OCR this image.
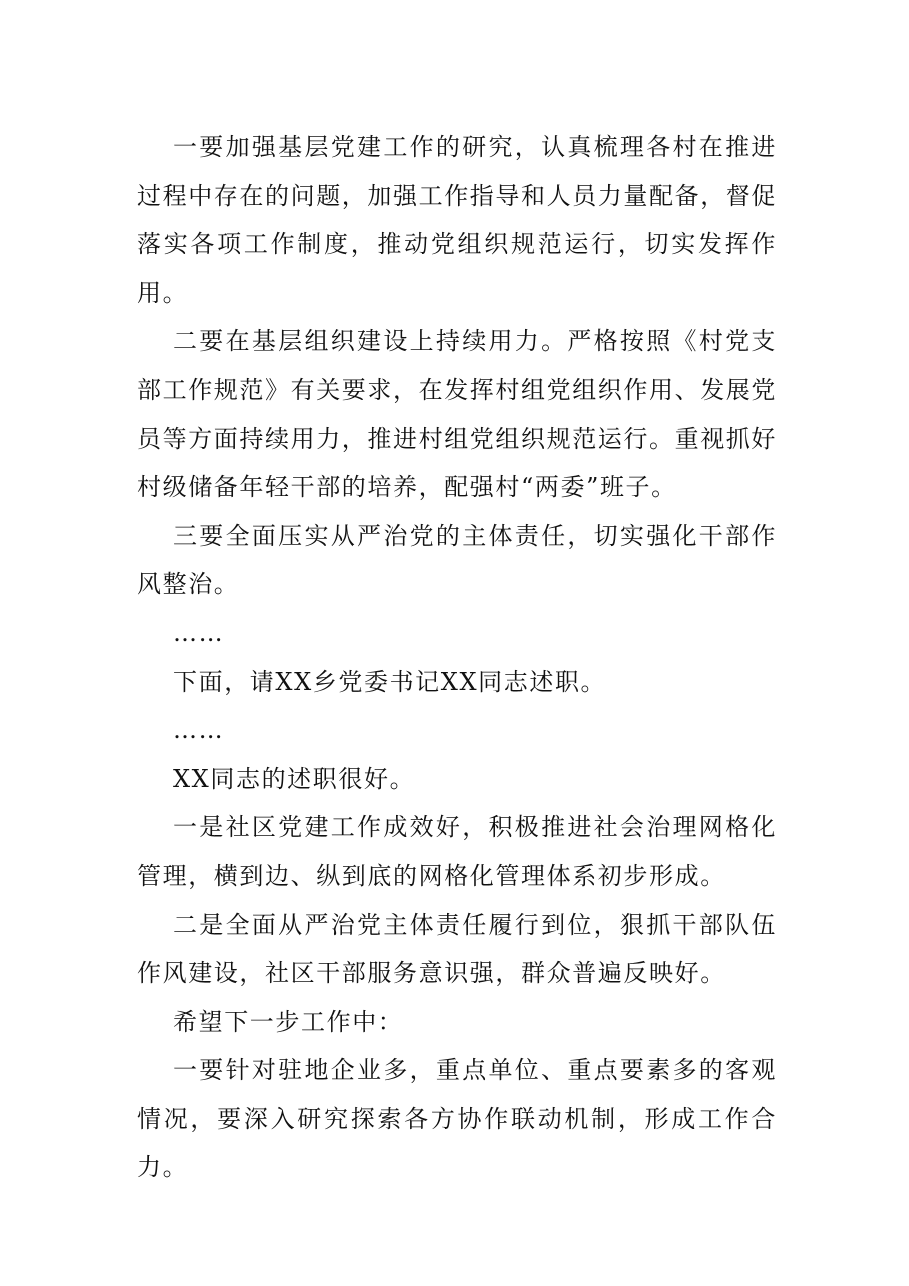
一要加强基层党建工作的研究，认真梳理各村在推进过程中存在的问题，加强工作指导和人员力量配备，督促落实各项工作制度，推动党组织规范运行，切实发挥作用。

二要在基层组织建设上持续用力。严格按照《村党支部工作规范》有关要求，在发挥村组党组织作用、发展党员等方面持续用力，推进村组党组织规范运行。重视抓好村级储备年轻干部的培养，配强村“两委”班子。

三要全面压实从严治党的主体责任，切实强化干部作风整治。

……

下面，请XX乡党委书记XX同志述职。

……

XX同志的述职很好。

一是社区党建工作成效好，积极推进社会治理网格化管理，横到边、纵到底的网格化管理体系初步形成。

二是全面从严治党主体责任履行到位，狠抓干部队伍作风建设，社区干部服务意识强，群众普遍反映好。

希望下一步工作中：

一要针对驻地企业多，重点单位、重点要素多的客观情况，要深入研究探索各方协作联动机制，形成工作合力。
